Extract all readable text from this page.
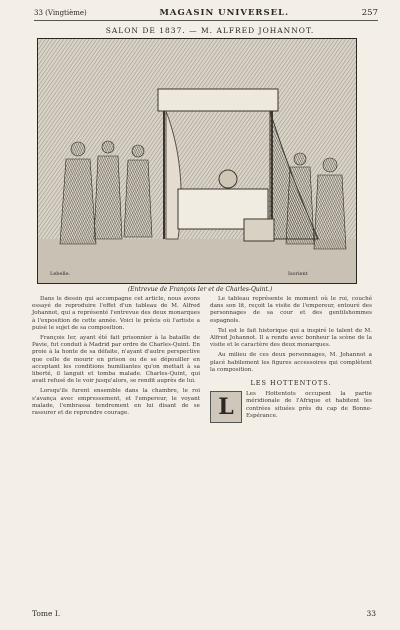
33 (Vingtième)	MAGASIN UNIVERSEL.	257
SALON DE 1837. — M. ALFRED JOHANNOT.
Lebelle.	Isorient
(Entrevue de François Ier et de Charles-Quint.)

Dans le dessin qui accompagne cet article, nous avons essayé de reproduire l'effet d'un tableau de M. Alfred Johannot, qui a représenté l'entrevue des deux monarques à l'exposition de cette année. Voici le précis où l'artiste a puisé le sujet de sa composition.

François Ier, ayant été fait prisonnier à la bataille de Pavie, fut conduit à Madrid par ordre de Charles-Quint. En proie à la honte de sa défaite, n'ayant d'autre perspective que celle de mourir en prison ou de se dépouiller en acceptant les conditions humiliantes qu'on mettait à sa liberté, il languit et tomba malade. Charles-Quint, qui avait refusé de le voir jusqu'alors, se rendit auprès de lui.

Lorsqu'ils furent ensemble dans la chambre, le roi s'avança avec empressement, et l'empereur, le voyant malade, l'embrassa tendrement en lui disant de se rassurer et de reprendre courage.

Le tableau représente le moment où le roi, couché dans son lit, reçoit la visite de l'empereur, entouré des personnages de sa cour et des gentilshommes espagnols.

Tel est le fait historique qui a inspiré le talent de M. Alfred Johannot. Il a rendu avec bonheur la scène de la visite et le caractère des deux monarques.

Au milieu de ces deux personnages, M. Johannot a placé habilement les figures accessoires qui complètent la composition.

LES HOTTENTOTS.
L	Les Hottentots occupent la partie méridionale de l'Afrique et habitent les contrées situées près du cap de Bonne-Espérance.

Tome I.	33
